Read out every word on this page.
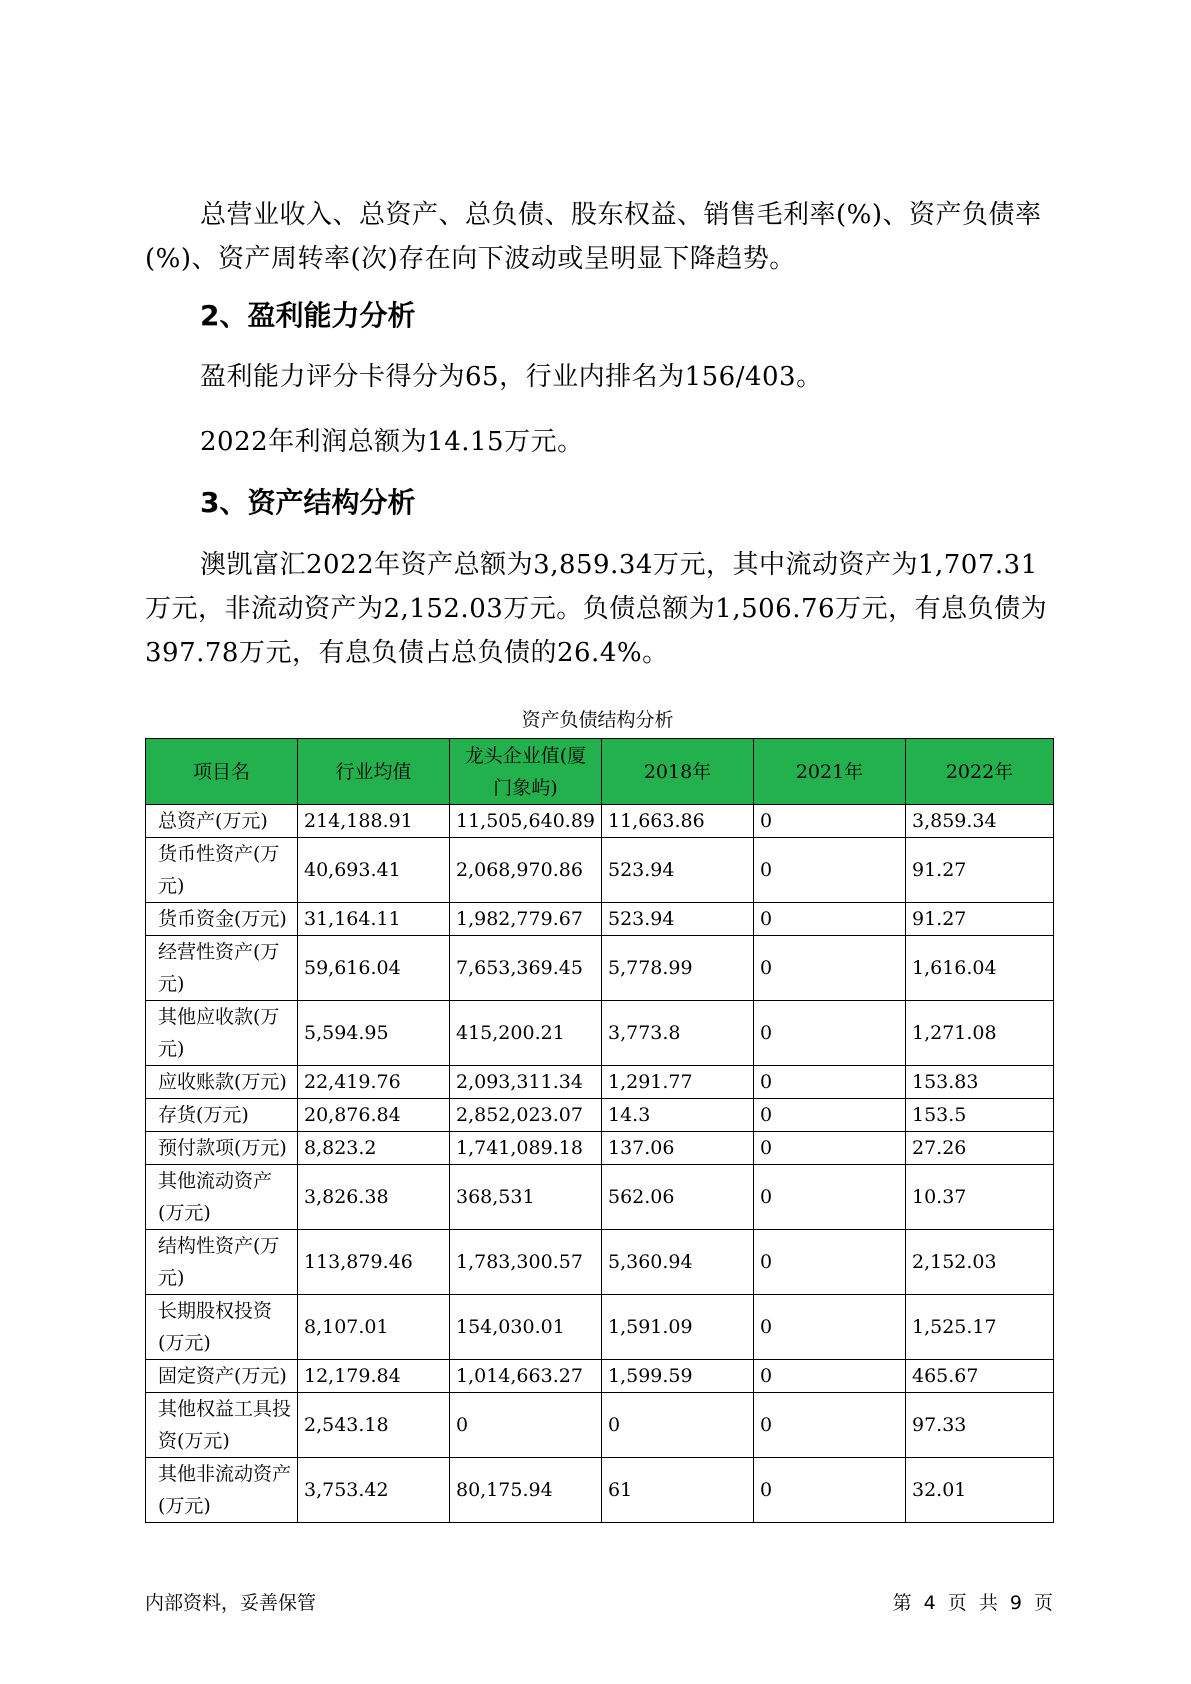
总营业收入、总资产、总负债、股东权益、销售毛利率(%)、资产负债率(%)、资产周转率(次)存在向下波动或呈明显下降趋势。

2、盈利能力分析

盈利能力评分卡得分为65，行业内排名为156/403。

2022年利润总额为14.15万元。

3、资产结构分析

澳凯富汇2022年资产总额为3,859.34万元，其中流动资产为1,707.31万元，非流动资产为2,152.03万元。负债总额为1,506.76万元，有息负债为397.78万元，有息负债占总负债的26.4%。

资产负债结构分析
项目名	行业均值	龙头企业值(厦门象屿)	2018年	2021年	2022年
总资产(万元)	214,188.91	11,505,640.89	11,663.86	0	3,859.34
货币性资产(万元)	40,693.41	2,068,970.86	523.94	0	91.27
货币资金(万元)	31,164.11	1,982,779.67	523.94	0	91.27
经营性资产(万元)	59,616.04	7,653,369.45	5,778.99	0	1,616.04
其他应收款(万元)	5,594.95	415,200.21	3,773.8	0	1,271.08
应收账款(万元)	22,419.76	2,093,311.34	1,291.77	0	153.83
存货(万元)	20,876.84	2,852,023.07	14.3	0	153.5
预付款项(万元)	8,823.2	1,741,089.18	137.06	0	27.26
其他流动资产(万元)	3,826.38	368,531	562.06	0	10.37
结构性资产(万元)	113,879.46	1,783,300.57	5,360.94	0	2,152.03
长期股权投资(万元)	8,107.01	154,030.01	1,591.09	0	1,525.17
固定资产(万元)	12,179.84	1,014,663.27	1,599.59	0	465.67
其他权益工具投资(万元)	2,543.18	0	0	0	97.33
其他非流动资产(万元)	3,753.42	80,175.94	61	0	32.01
内部资料，妥善保管	第 4 页 共 9 页
